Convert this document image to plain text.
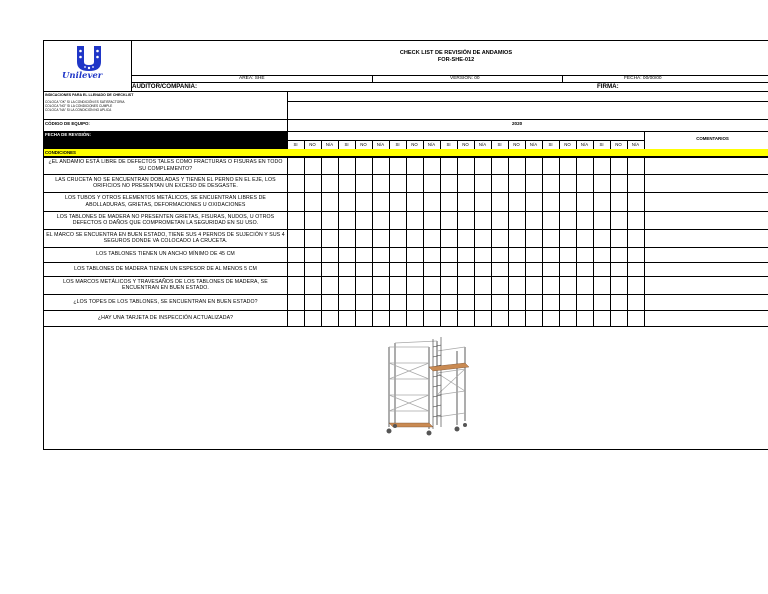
Unilever
CHECK LIST DE REVISIÓN DE ANDAMIOS
FOR-SHE-012
AREA: SHE	VERSIÓN: 00	FECHA: 00/00/00
AUDITOR/COMPANIA:	FIRMA:
INDICACIONES PARA EL LLENADO DE CHECKLIST
COLOCA "OK" SI LA CONDICIÓN ES SATISFACTORIA
COLOCA "NO" SI LA CONDICIONES CUMPLE
COLOCA "NA" SI LA CONDICIÓN NO APLICA
CÓDIGO DE EQUIPO:	2020
FECHA DE REVISIÓN:
SI	NO	N/A	SI	NO	N/A	SI	NO	N/A	SI	NO	N/A	SI	NO	N/A	SI	NO	N/A	SI	NO	N/A
COMENTARIOS
CONDICIONES
¿EL ANDAMIO ESTÁ LIBRE DE DEFECTOS TALES COMO FRACTURAS O FISURAS EN TODO SU COMPLEMENTO?
LAS CRUCETA NO SE ENCUENTRAN DOBLADAS Y TIENEN EL PERNO EN EL EJE, LOS ORIFICIOS NO PRESENTAN UN EXCESO DE DESGASTE.
LOS TUBOS Y OTROS ELEMENTOS METÁLICOS, SE ENCUENTRAN LIBRES DE ABOLLADURAS, GRIETAS, DEFORMACIONES U OXIDACIONES
LOS TABLONES DE MADERA NO PRESENTEN GRIETAS, FISURAS, NUDOS, U OTROS DEFECTOS O DAÑOS QUE COMPROMETAN LA SEGURIDAD EN SU USO.
EL MARCO SE ENCUENTRA EN BUEN ESTADO, TIENE SUS 4 PERNOS DE SUJECIÓN Y SUS 4 SEGUROS DONDE VA COLOCADO LA CRUCETA.
LOS TABLONES TIENEN UN ANCHO MÍNIMO DE 45 CM
LOS TABLONES DE MADERA TIENEN UN ESPESOR DE AL MENOS 5 CM
LOS MARCOS METÁLICOS Y TRAVESAÑOS DE LOS TABLONES DE MADERA, SE ENCUENTRAN EN BUEN ESTADO.
¿LOS TOPES DE LOS TABLONES, SE ENCUENTRAN EN BUEN ESTADO?
¿HAY UNA TARJETA DE INSPECCIÓN ACTUALIZADA?
